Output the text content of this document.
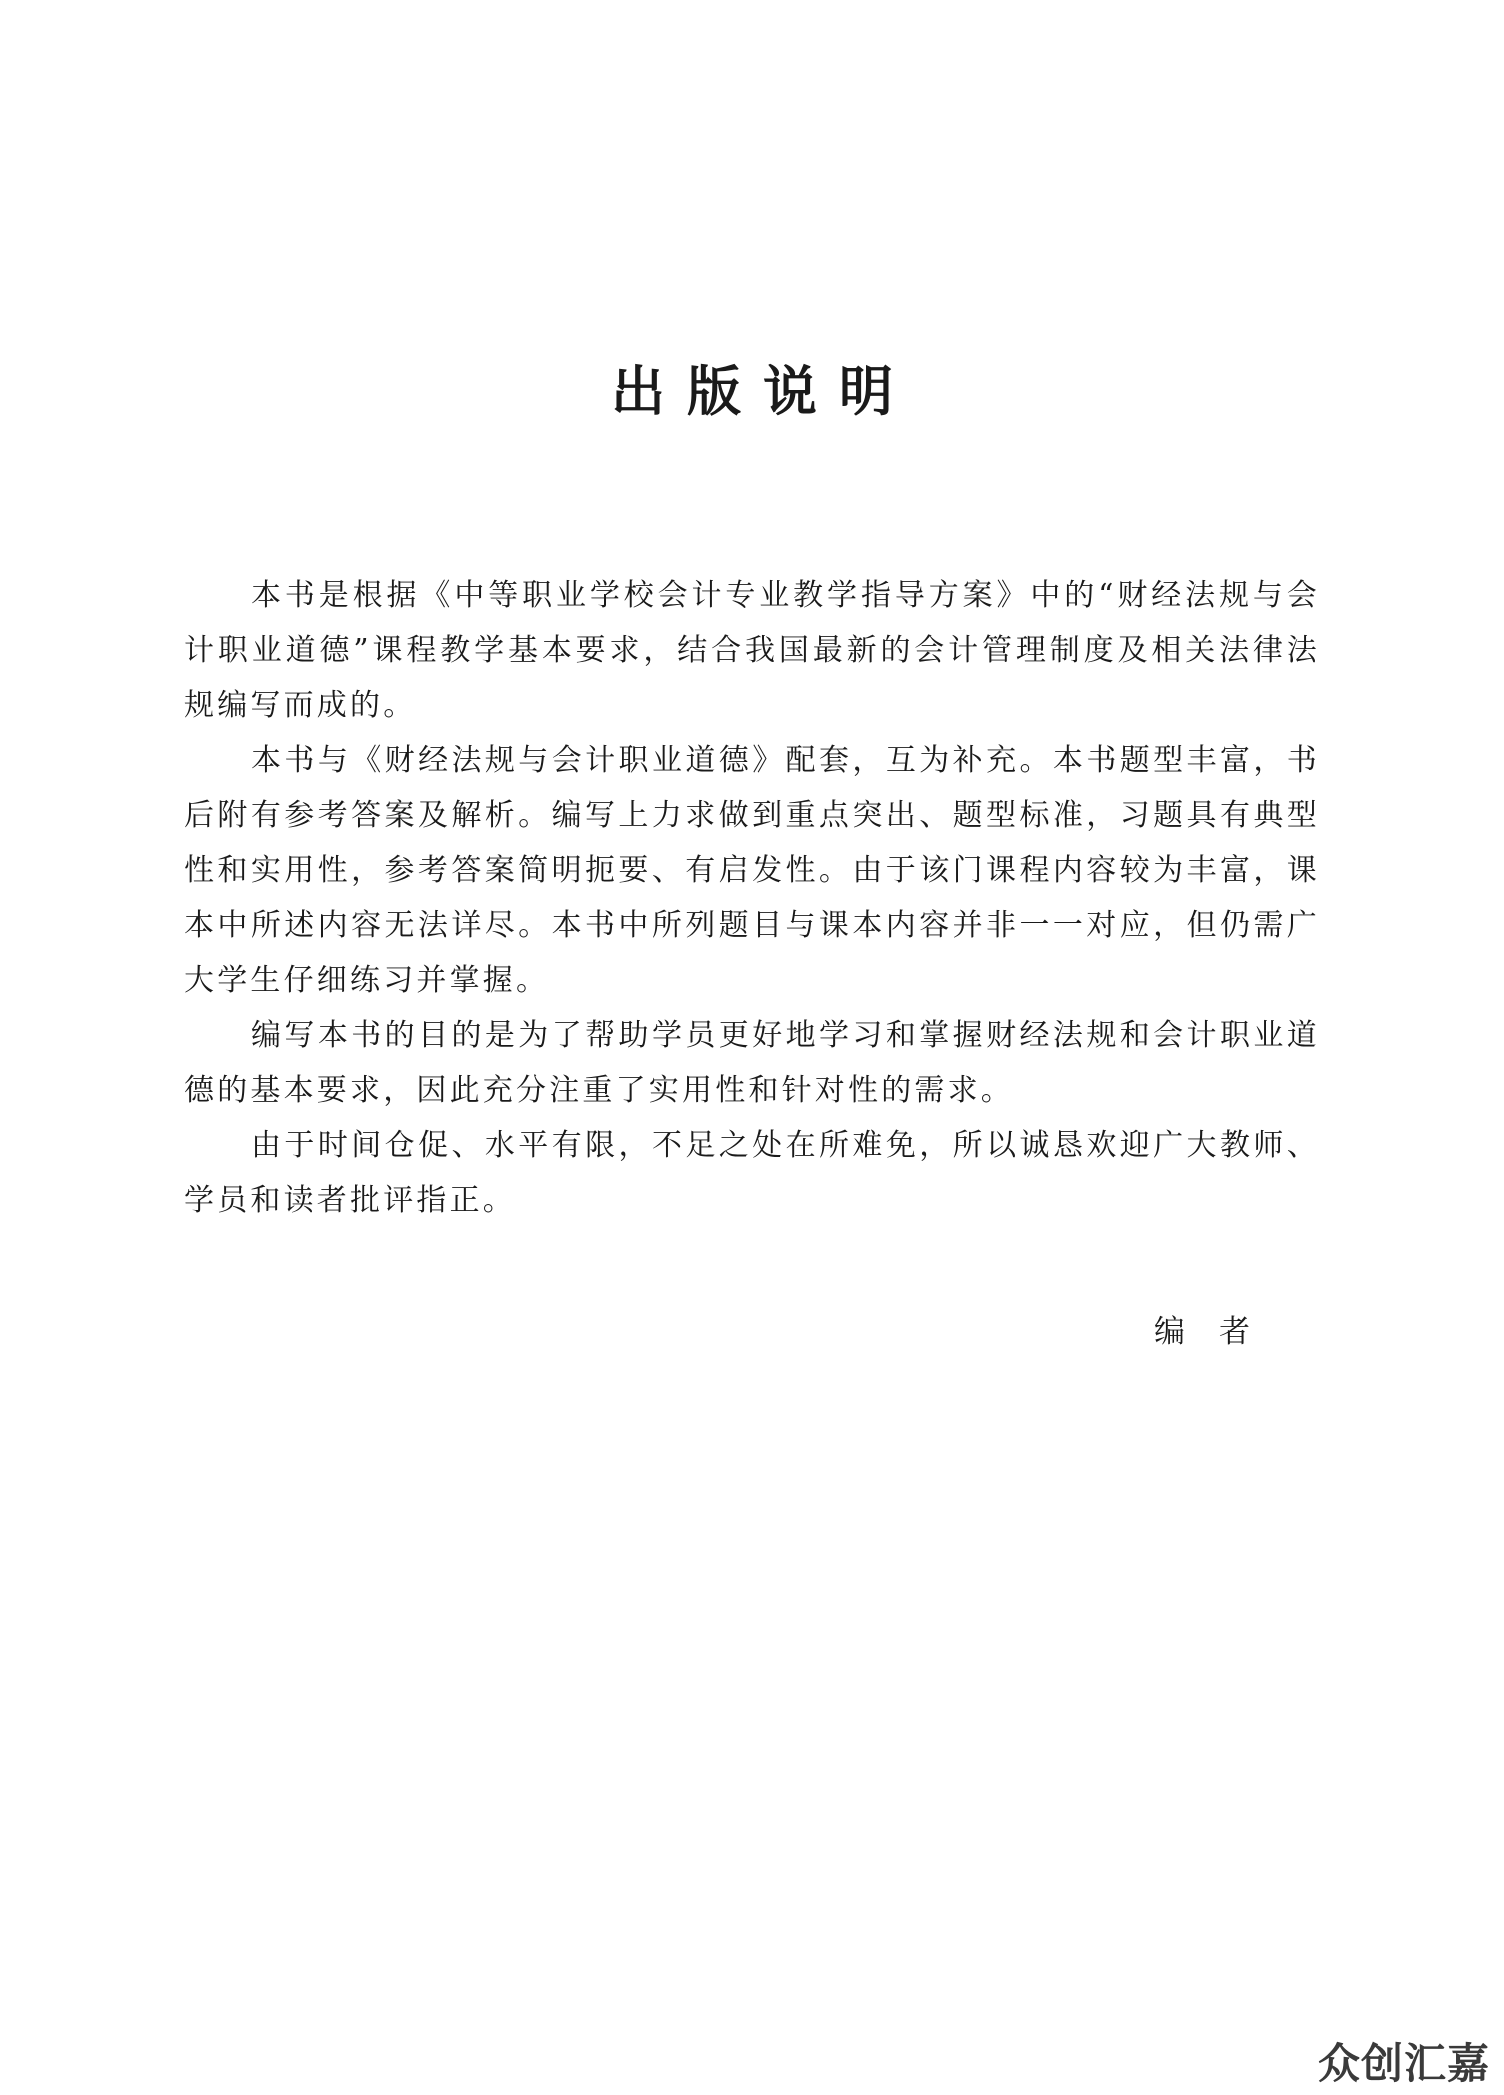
出版说明

本书是根据《中等职业学校会计专业教学指导方案》中的“财经法规与会计职业道德”课程教学基本要求，结合我国最新的会计管理制度及相关法律法规编写而成的。

本书与《财经法规与会计职业道德》配套，互为补充。本书题型丰富，书后附有参考答案及解析。编写上力求做到重点突出、题型标准，习题具有典型性和实用性，参考答案简明扼要、有启发性。由于该门课程内容较为丰富，课本中所述内容无法详尽。本书中所列题目与课本内容并非一一对应，但仍需广大学生仔细练习并掌握。

编写本书的目的是为了帮助学员更好地学习和掌握财经法规和会计职业道德的基本要求，因此充分注重了实用性和针对性的需求。

由于时间仓促、水平有限，不足之处在所难免，所以诚恳欢迎广大教师、学员和读者批评指正。

编者
众创汇嘉
